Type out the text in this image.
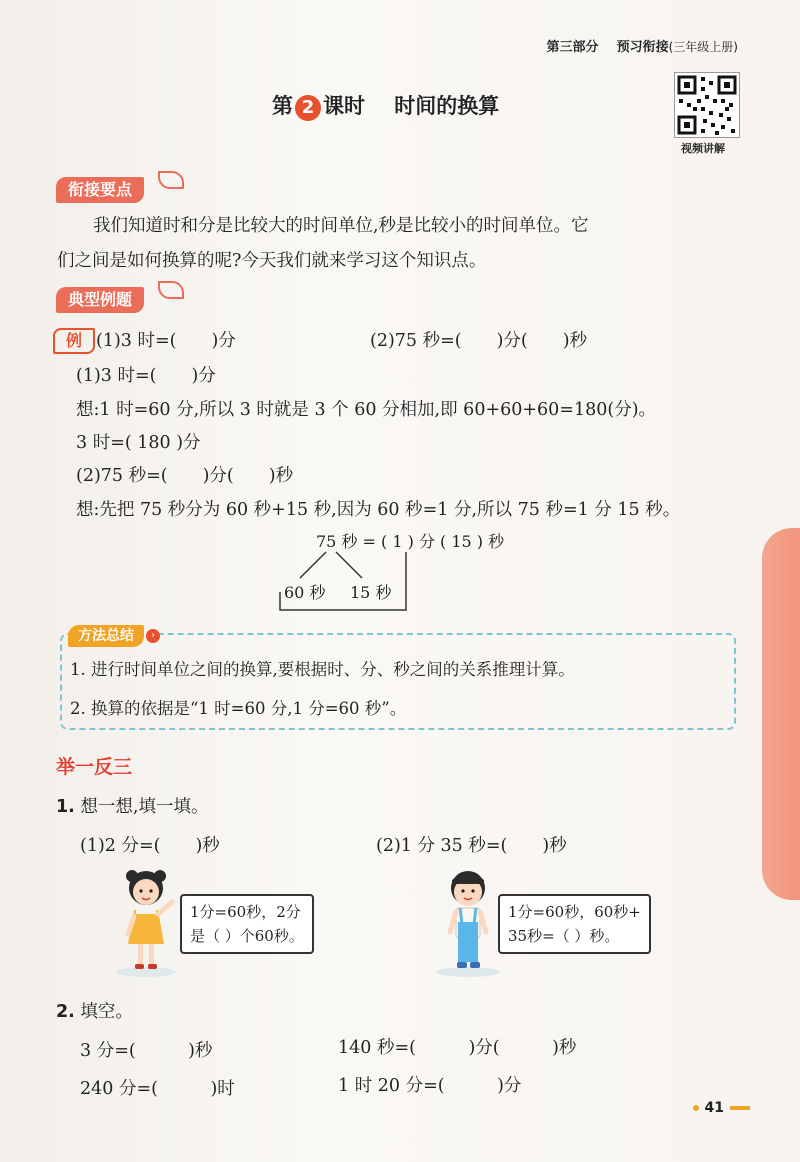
第三部分 预习衔接(三年级上册)
第 2 课时 时间的换算
视频讲解
衔接要点
我们知道时和分是比较大的时间单位,秒是比较小的时间单位。它
们之间是如何换算的呢?今天我们就来学习这个知识点。
典型例题
例 (1)3 时=(　　)分	(2)75 秒=(　　)分(　　)秒
(1)3 时=(　　)分
想:1 时=60 分,所以 3 时就是 3 个 60 分相加,即 60+60+60=180(分)。
3 时=( 180 )分
(2)75 秒=(　　)分(　　)秒
想:先把 75 秒分为 60 秒+15 秒,因为 60 秒=1 分,所以 75 秒=1 分 15 秒。
75 秒 = ( 1 ) 分 ( 15 ) 秒
60 秒 15 秒
方法总结	›
1. 进行时间单位之间的换算,要根据时、分、秒之间的关系推理计算。
2. 换算的依据是“1 时=60 分,1 分=60 秒”。
举一反三
1. 想一想,填一填。
(1)2 分=(　　)秒	(2)1 分 35 秒=(　　)秒
1分=60秒，2分
是（ ）个60秒。
1分=60秒，60秒+
35秒=（ ）秒。
2. 填空。
3 分=(　　　)秒	140 秒=(　　　)分(　　　)秒
240 分=(　　　)时	1 时 20 分=(　　　)分
41
